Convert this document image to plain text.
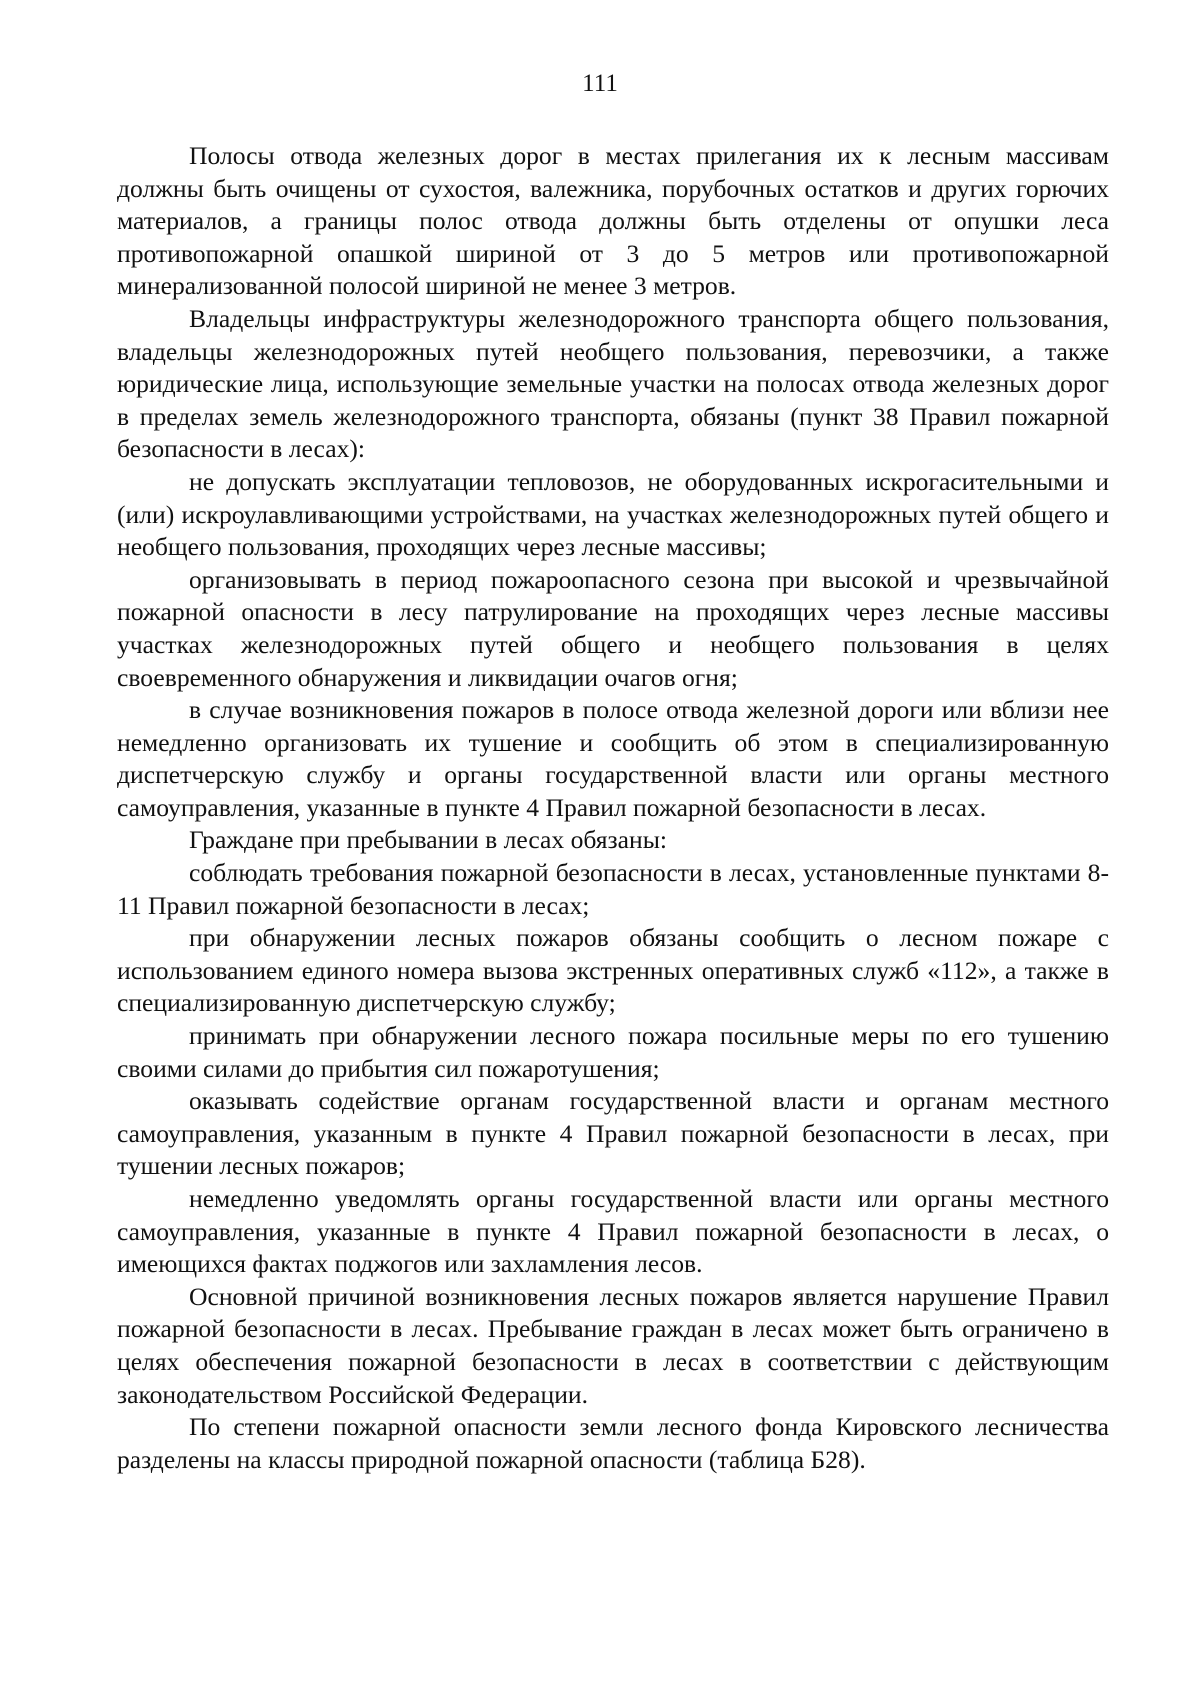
111

Полосы отвода железных дорог в местах прилегания их к лесным массивам должны быть очищены от сухостоя, валежника, порубочных остатков и других горючих материалов, а границы полос отвода должны быть отделены от опушки леса противопожарной опашкой шириной от 3 до 5 метров или противопожарной минерализованной полосой шириной не менее 3 метров.

Владельцы инфраструктуры железнодорожного транспорта общего пользования, владельцы железнодорожных путей необщего пользования, перевозчики, а также юридические лица, использующие земельные участки на полосах отвода железных дорог в пределах земель железнодорожного транспорта, обязаны (пункт 38 Правил пожарной безопасности в лесах):

не допускать эксплуатации тепловозов, не оборудованных искрогасительными и (или) искроулавливающими устройствами, на участках железнодорожных путей общего и необщего пользования, проходящих через лесные массивы;

организовывать в период пожароопасного сезона при высокой и чрезвычайной пожарной опасности в лесу патрулирование на проходящих через лесные массивы участках железнодорожных путей общего и необщего пользования в целях своевременного обнаружения и ликвидации очагов огня;

в случае возникновения пожаров в полосе отвода железной дороги или вблизи нее немедленно организовать их тушение и сообщить об этом в специализированную диспетчерскую службу и органы государственной власти или органы местного самоуправления, указанные в пункте 4 Правил пожарной безопасности в лесах.

Граждане при пребывании в лесах обязаны:

соблюдать требования пожарной безопасности в лесах, установленные пунктами 8-11 Правил пожарной безопасности в лесах;

при обнаружении лесных пожаров обязаны сообщить о лесном пожаре с использованием единого номера вызова экстренных оперативных служб «112», а также в специализированную диспетчерскую службу;

принимать при обнаружении лесного пожара посильные меры по его тушению своими силами до прибытия сил пожаротушения;

оказывать содействие органам государственной власти и органам местного самоуправления, указанным в пункте 4 Правил пожарной безопасности в лесах, при тушении лесных пожаров;

немедленно уведомлять органы государственной власти или органы местного самоуправления, указанные в пункте 4 Правил пожарной безопасности в лесах, о имеющихся фактах поджогов или захламления лесов.

Основной причиной возникновения лесных пожаров является нарушение Правил пожарной безопасности в лесах. Пребывание граждан в лесах может быть ограничено в целях обеспечения пожарной безопасности в лесах в соответствии с действующим законодательством Российской Федерации.

По степени пожарной опасности земли лесного фонда Кировского лесничества разделены на классы природной пожарной опасности (таблица Б28).
